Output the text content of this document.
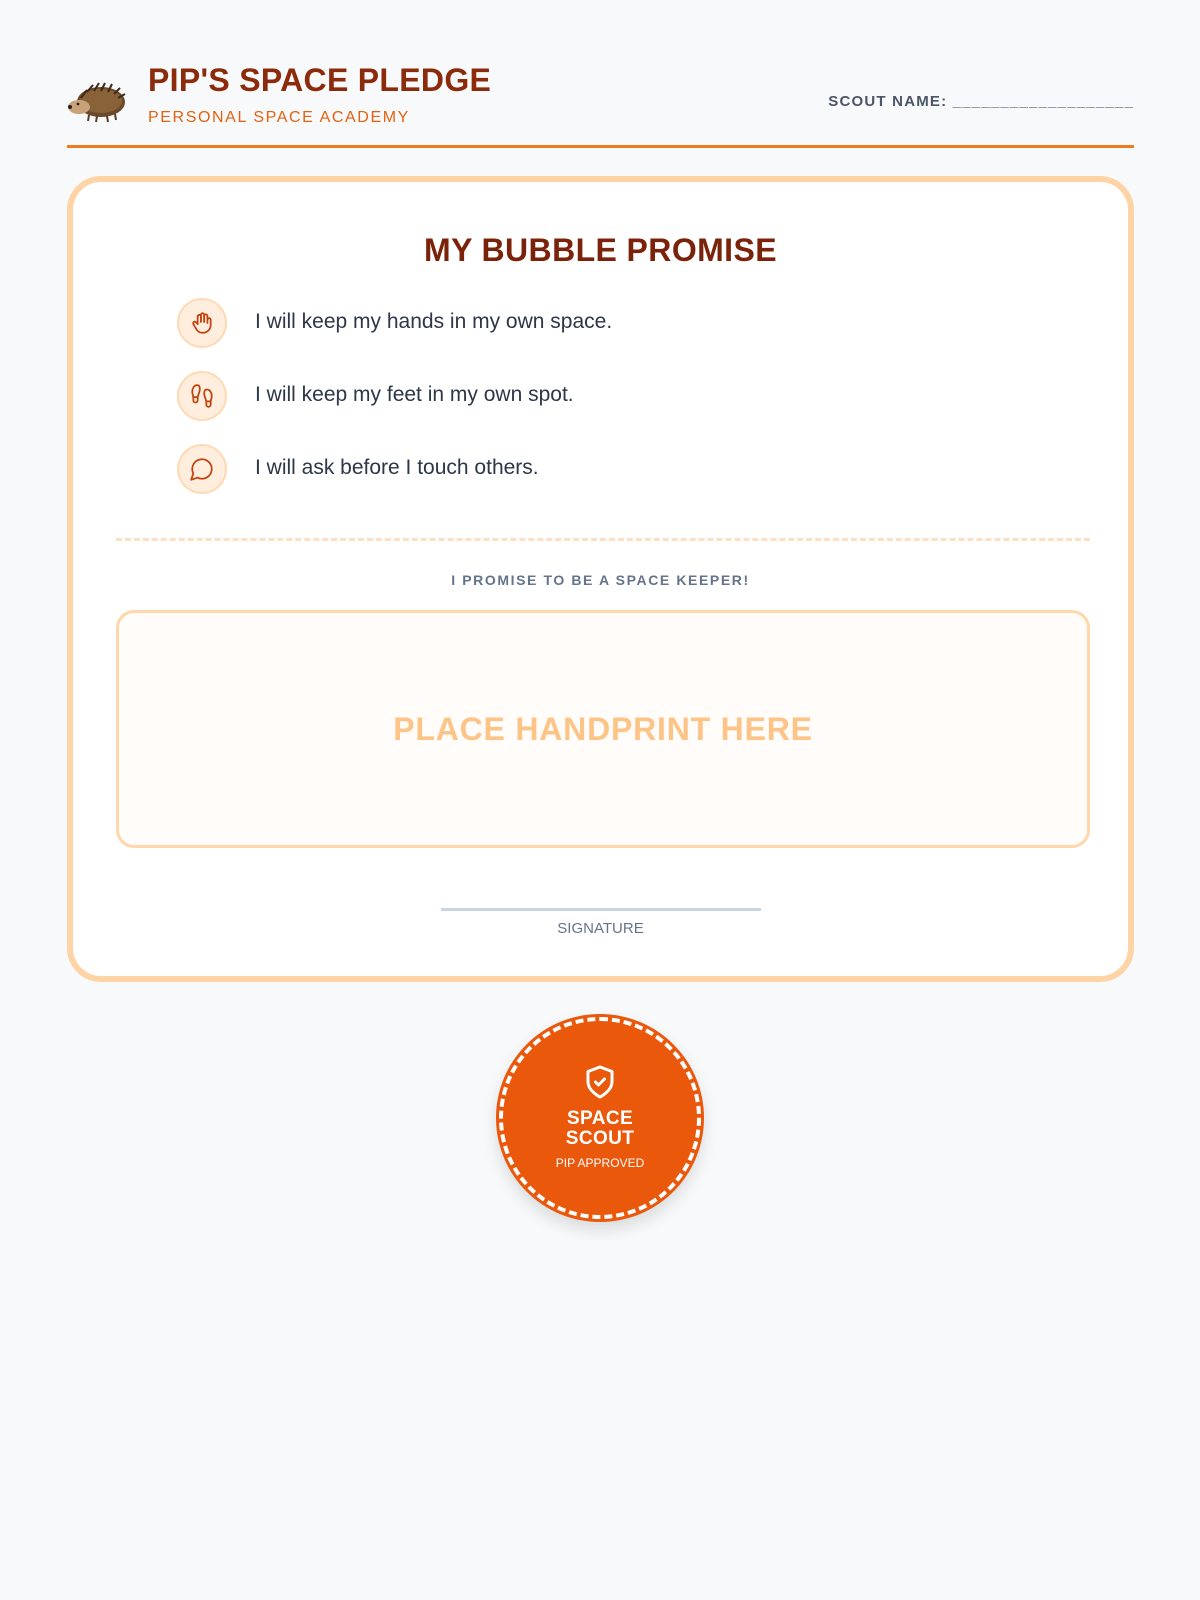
PIP'S SPACE PLEDGE
PERSONAL SPACE ACADEMY
SCOUT NAME: ___________________
MY BUBBLE PROMISE
I will keep my hands in my own space.
I will keep my feet in my own spot.
I will ask before I touch others.
I PROMISE TO BE A SPACE KEEPER!
PLACE HANDPRINT HERE
SIGNATURE
SPACE
SCOUT
PIP APPROVED
